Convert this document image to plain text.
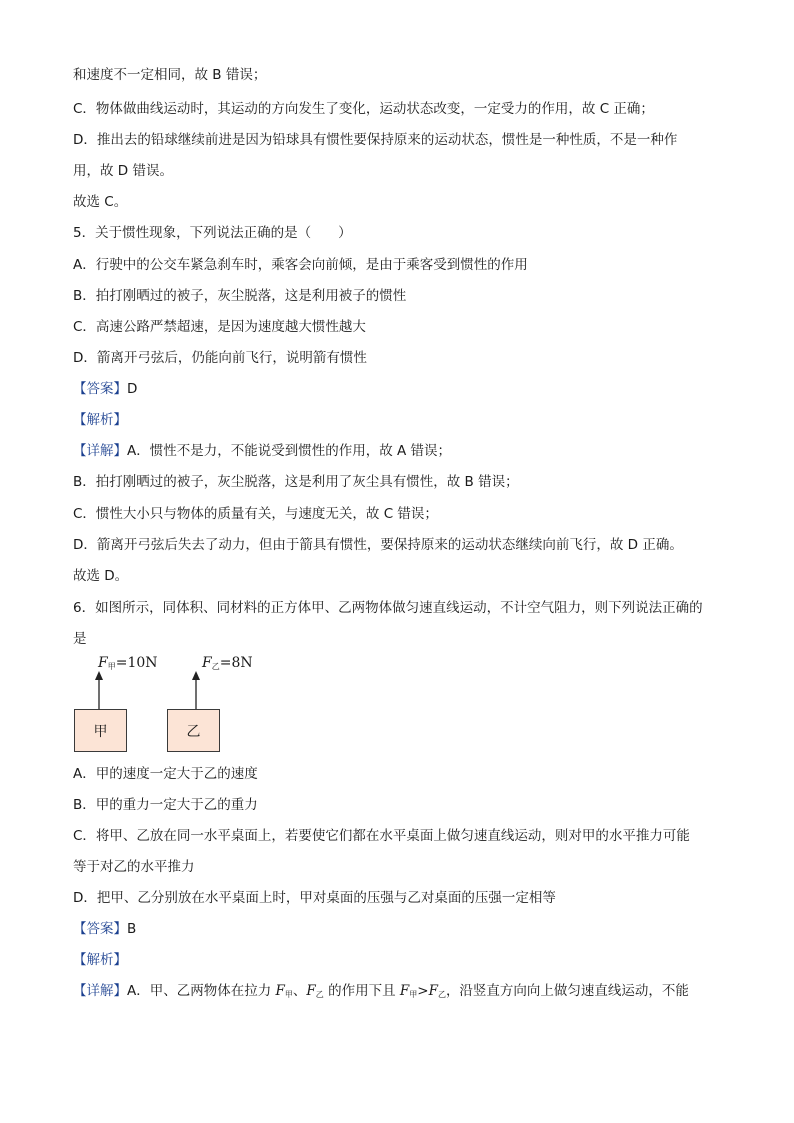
和速度不一定相同，故 B 错误；
C．物体做曲线运动时，其运动的方向发生了变化，运动状态改变，一定受力的作用，故 C 正确；
D．推出去的铅球继续前进是因为铅球具有惯性要保持原来的运动状态，惯性是一种性质，不是一种作
用，故 D 错误。
故选 C。
5．关于惯性现象，下列说法正确的是（　　）
A．行驶中的公交车紧急刹车时，乘客会向前倾，是由于乘客受到惯性的作用
B．拍打刚晒过的被子，灰尘脱落，这是利用被子的惯性
C．高速公路严禁超速，是因为速度越大惯性越大
D．箭离开弓弦后，仍能向前飞行，说明箭有惯性
【答案】D
【解析】
【详解】A．惯性不是力，不能说受到惯性的作用，故 A 错误；
B．拍打刚晒过的被子，灰尘脱落，这是利用了灰尘具有惯性，故 B 错误；
C．惯性大小只与物体的质量有关，与速度无关，故 C 错误；
D．箭离开弓弦后失去了动力，但由于箭具有惯性，要保持原来的运动状态继续向前飞行，故 D 正确。
故选 D。
6．如图所示，同体积、同材料的正方体甲、乙两物体做匀速直线运动，不计空气阻力，则下列说法正确的
是
A．甲的速度一定大于乙的速度
B．甲的重力一定大于乙的重力
C．将甲、乙放在同一水平桌面上，若要使它们都在水平桌面上做匀速直线运动，则对甲的水平推力可能
等于对乙的水平推力
D．把甲、乙分别放在水平桌面上时，甲对桌面的压强与乙对桌面的压强一定相等
【答案】B
【解析】
【详解】A．甲、乙两物体在拉力 $F_甲$、$F_乙$ 的作用下且 $F_甲>F_乙$，沿竖直方向向上做匀速直线运动，不能
$F_甲=10N$	$F_乙=8N$
甲	乙
